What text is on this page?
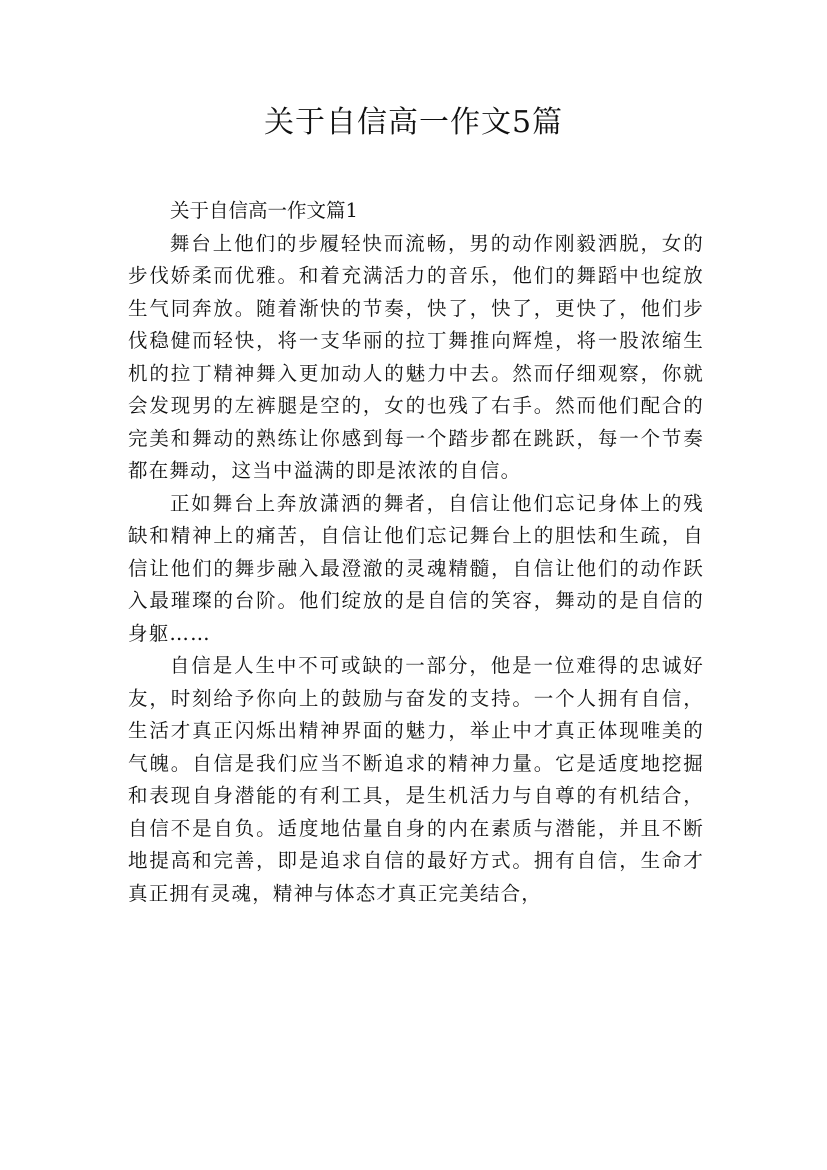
关于自信高一作文5篇

关于自信高一作文篇1

舞台上他们的步履轻快而流畅，男的动作刚毅洒脱，女的步伐娇柔而优雅。和着充满活力的音乐，他们的舞蹈中也绽放生气同奔放。随着渐快的节奏，快了，快了，更快了，他们步伐稳健而轻快，将一支华丽的拉丁舞推向辉煌，将一股浓缩生机的拉丁精神舞入更加动人的魅力中去。然而仔细观察，你就会发现男的左裤腿是空的，女的也残了右手。然而他们配合的完美和舞动的熟练让你感到每一个踏步都在跳跃，每一个节奏都在舞动，这当中溢满的即是浓浓的自信。

正如舞台上奔放潇洒的舞者，自信让他们忘记身体上的残缺和精神上的痛苦，自信让他们忘记舞台上的胆怯和生疏，自信让他们的舞步融入最澄澈的灵魂精髓，自信让他们的动作跃入最璀璨的台阶。他们绽放的是自信的笑容，舞动的是自信的身躯……

自信是人生中不可或缺的一部分，他是一位难得的忠诚好友，时刻给予你向上的鼓励与奋发的支持。一个人拥有自信，生活才真正闪烁出精神界面的魅力，举止中才真正体现唯美的气魄。自信是我们应当不断追求的精神力量。它是适度地挖掘和表现自身潜能的有利工具，是生机活力与自尊的有机结合，自信不是自负。适度地估量自身的内在素质与潜能，并且不断地提高和完善，即是追求自信的最好方式。拥有自信，生命才真正拥有灵魂，精神与体态才真正完美结合，
